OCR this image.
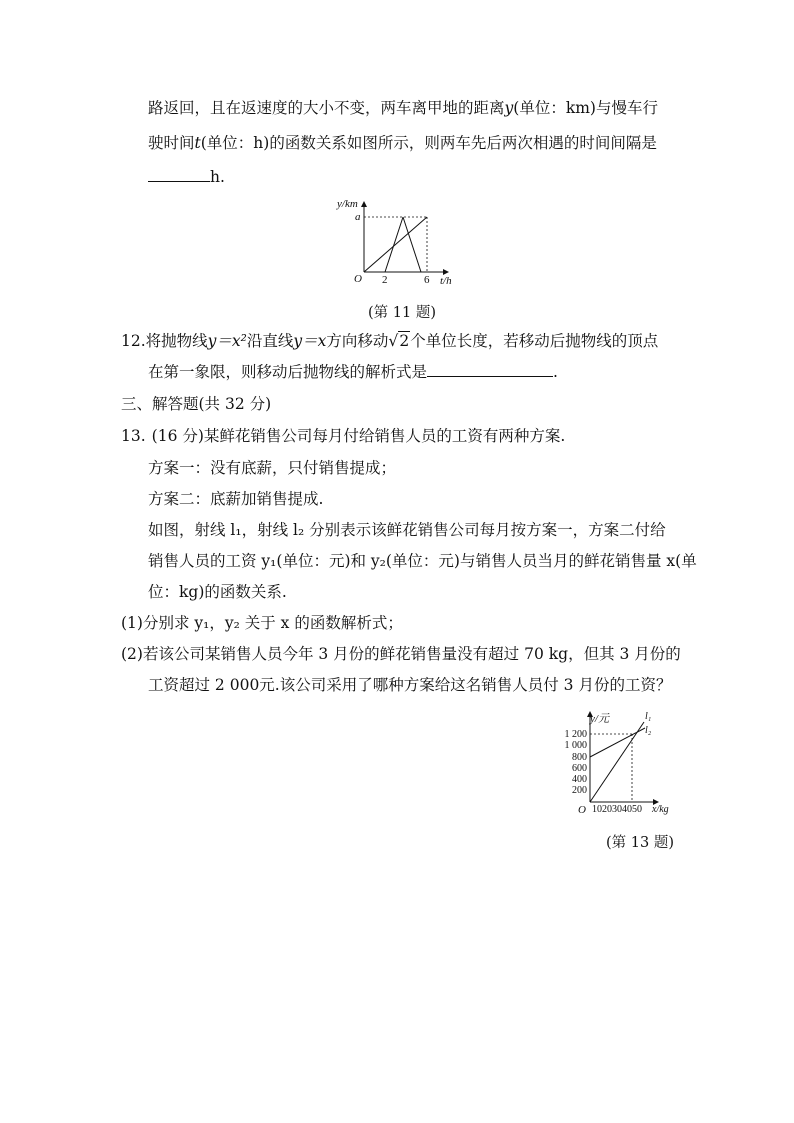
路返回，且在返速度的大小不变，两车离甲地的距离y(单位：km)与慢车行
驶时间t(单位：h)的函数关系如图所示，则两车先后两次相遇的时间间隔是
h.
y/km
a
O 2	6 t/h
(第 11 题)
12.将抛物线y＝x²沿直线y＝x方向移动√2个单位长度，若移动后抛物线的顶点
在第一象限，则移动后抛物线的解析式是	.
三、解答题(共 32 分)
13. (16 分)某鲜花销售公司每月付给销售人员的工资有两种方案.
方案一：没有底薪，只付销售提成；
方案二：底薪加销售提成.
如图，射线 l₁，射线 l₂ 分别表示该鲜花销售公司每月按方案一，方案二付给
销售人员的工资 y₁(单位：元)和 y₂(单位：元)与销售人员当月的鲜花销售量 x(单
位：kg)的函数关系.
(1)分别求 y₁，y₂ 关于 x 的函数解析式；
(2)若该公司某销售人员今年 3 月份的鲜花销售量没有超过 70 kg，但其 3 月份的
工资超过 2 000元.该公司采用了哪种方案给这名销售人员付 3 月份的工资？
y/元	l₁
l₂
1 200
1 000
800
600
400
200
O 1020304050 x/kg
(第 13 题)
